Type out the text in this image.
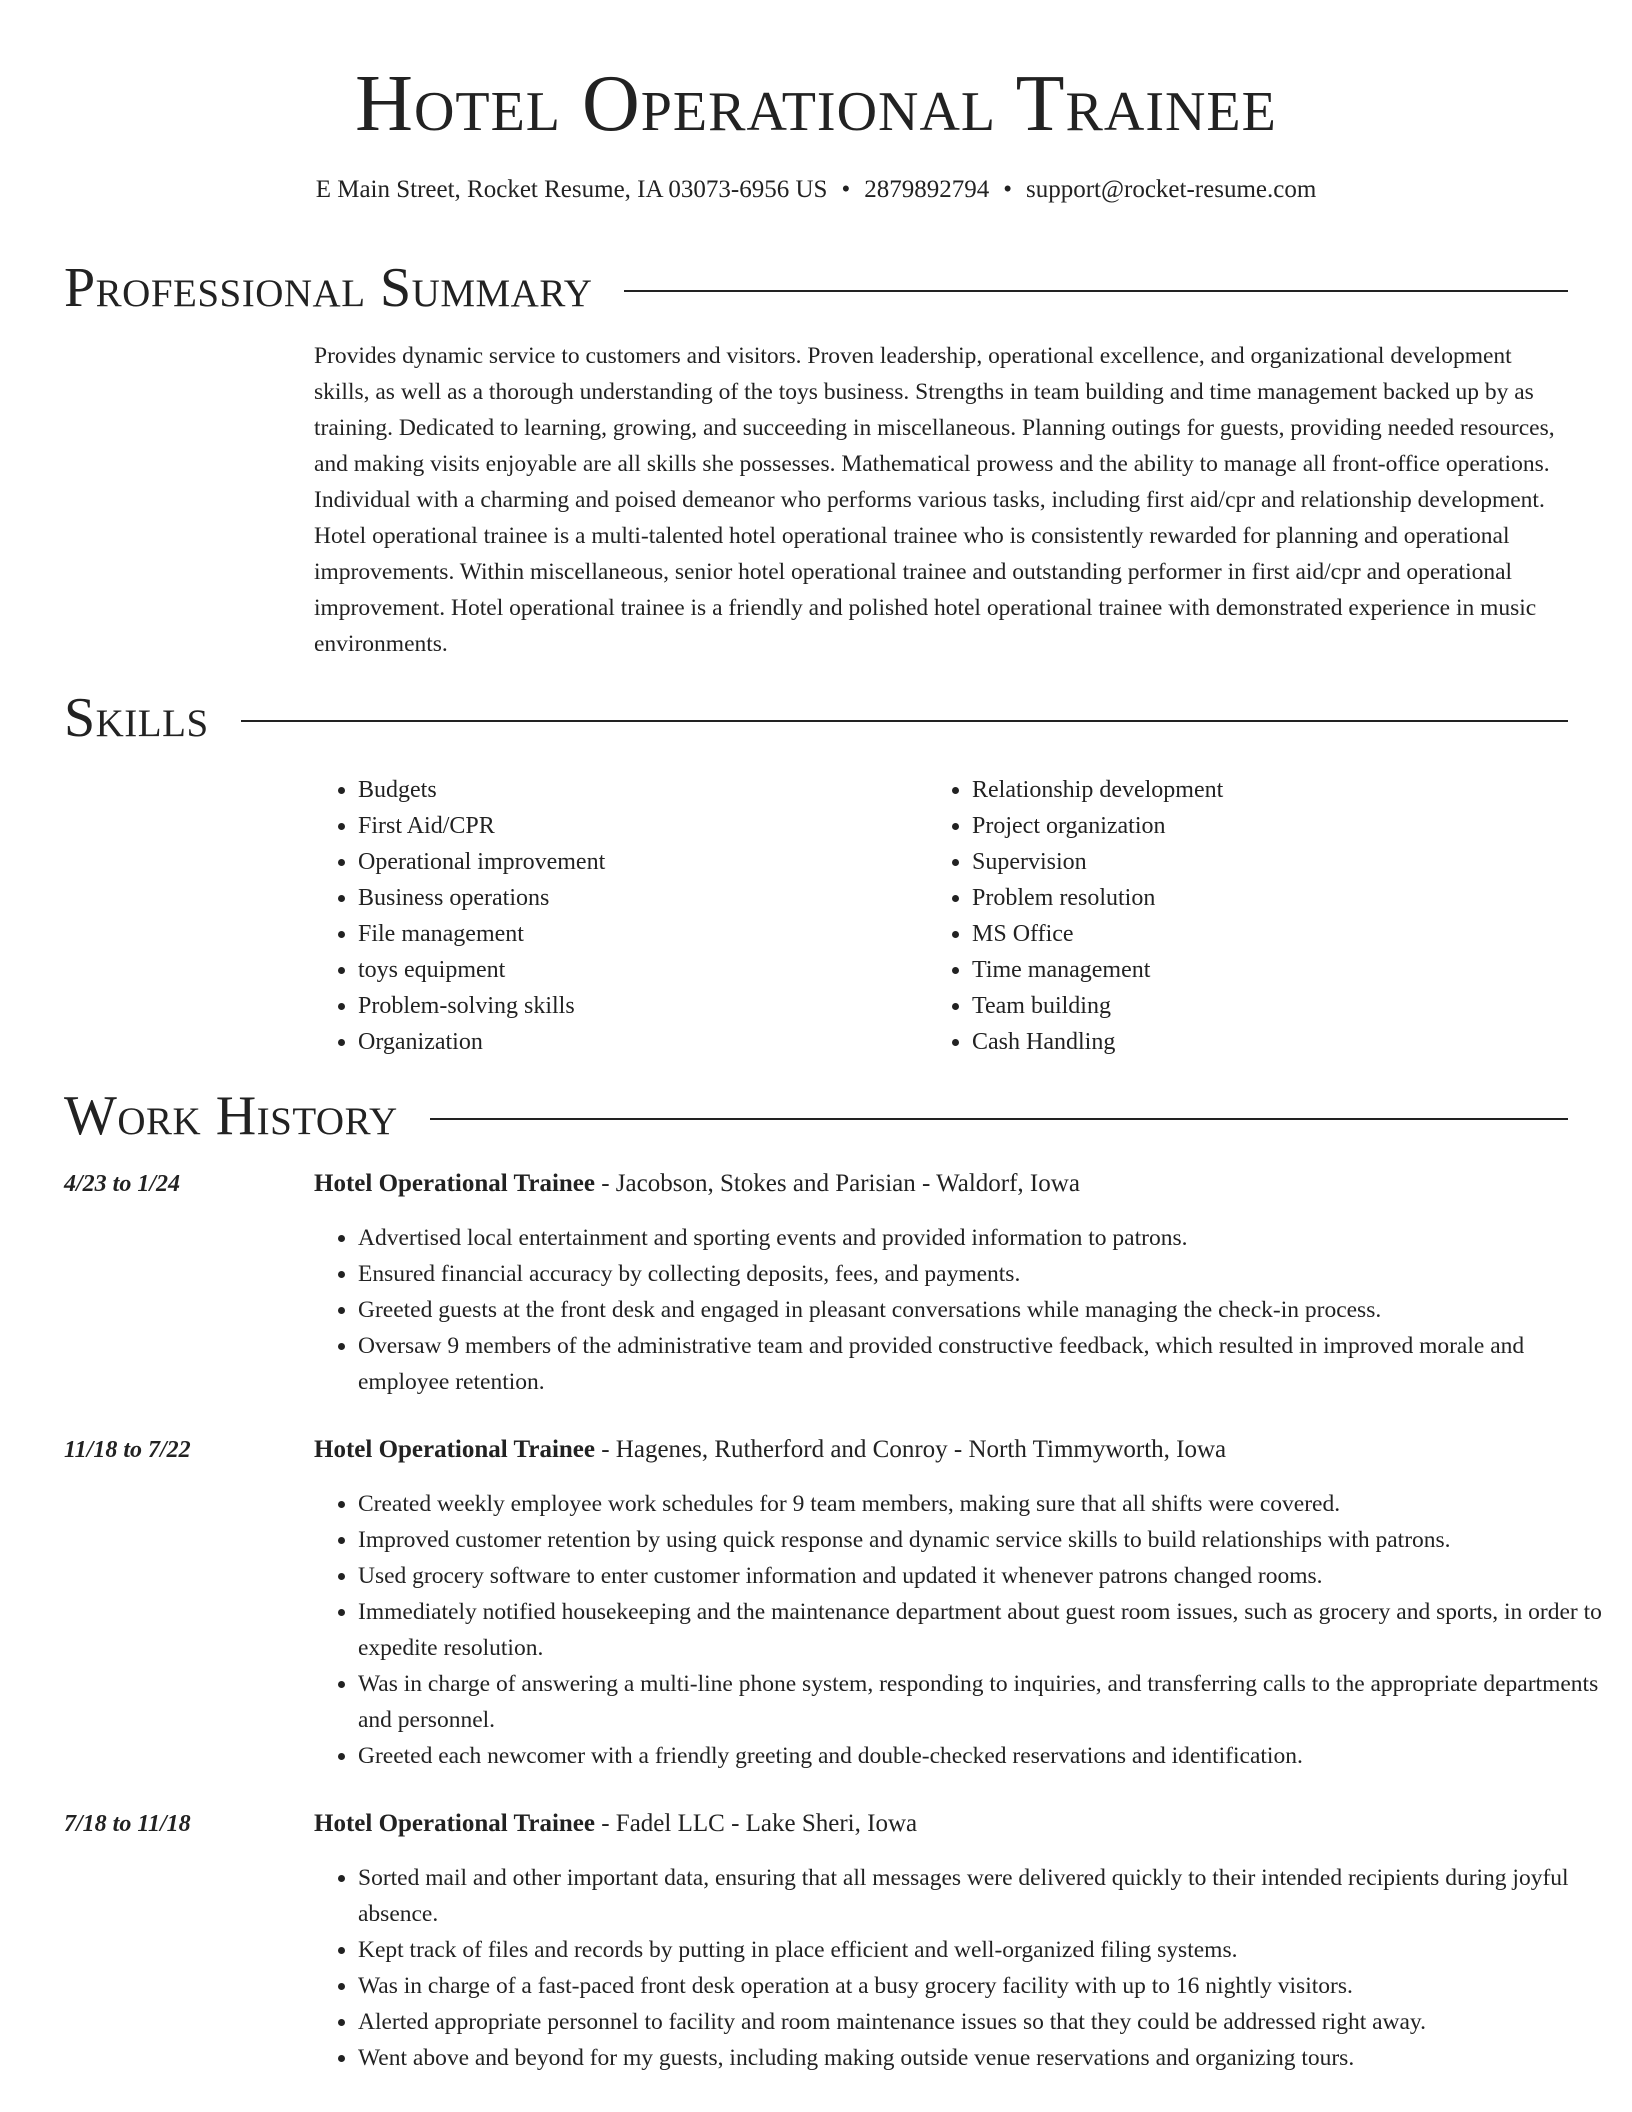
Hotel Operational Trainee
E Main Street, Rocket Resume, IA 03073-6956 US • 2879892794 • support@rocket-resume.com
Professional Summary

Provides dynamic service to customers and visitors. Proven leadership, operational excellence, and organizational development skills, as well as a thorough understanding of the toys business. Strengths in team building and time management backed up by as training. Dedicated to learning, growing, and succeeding in miscellaneous. Planning outings for guests, providing needed resources, and making visits enjoyable are all skills she possesses. Mathematical prowess and the ability to manage all front-office operations. Individual with a charming and poised demeanor who performs various tasks, including first aid/cpr and relationship development. Hotel operational trainee is a multi-talented hotel operational trainee who is consistently rewarded for planning and operational improvements. Within miscellaneous, senior hotel operational trainee and outstanding performer in first aid/cpr and operational improvement. Hotel operational trainee is a friendly and polished hotel operational trainee with demonstrated experience in music environments.

Skills
• Budgets
• First Aid/CPR
• Operational improvement
• Business operations
• File management
• toys equipment
• Problem-solving skills
• Organization
• Relationship development
• Project organization
• Supervision
• Problem resolution
• MS Office
• Time management
• Team building
• Cash Handling
Work History
4/23 to 1/24	Hotel Operational Trainee - Jacobson, Stokes and Parisian - Waldorf, Iowa
• Advertised local entertainment and sporting events and provided information to patrons.
• Ensured financial accuracy by collecting deposits, fees, and payments.
• Greeted guests at the front desk and engaged in pleasant conversations while managing the check-in process.
• Oversaw 9 members of the administrative team and provided constructive feedback, which resulted in improved morale and employee retention.
11/18 to 7/22	Hotel Operational Trainee - Hagenes, Rutherford and Conroy - North Timmyworth, Iowa
• Created weekly employee work schedules for 9 team members, making sure that all shifts were covered.
• Improved customer retention by using quick response and dynamic service skills to build relationships with patrons.
• Used grocery software to enter customer information and updated it whenever patrons changed rooms.
• Immediately notified housekeeping and the maintenance department about guest room issues, such as grocery and sports, in order to expedite resolution.
• Was in charge of answering a multi-line phone system, responding to inquiries, and transferring calls to the appropriate departments and personnel.
• Greeted each newcomer with a friendly greeting and double-checked reservations and identification.
7/18 to 11/18	Hotel Operational Trainee - Fadel LLC - Lake Sheri, Iowa
• Sorted mail and other important data, ensuring that all messages were delivered quickly to their intended recipients during joyful absence.
• Kept track of files and records by putting in place efficient and well-organized filing systems.
• Was in charge of a fast-paced front desk operation at a busy grocery facility with up to 16 nightly visitors.
• Alerted appropriate personnel to facility and room maintenance issues so that they could be addressed right away.
• Went above and beyond for my guests, including making outside venue reservations and organizing tours.
